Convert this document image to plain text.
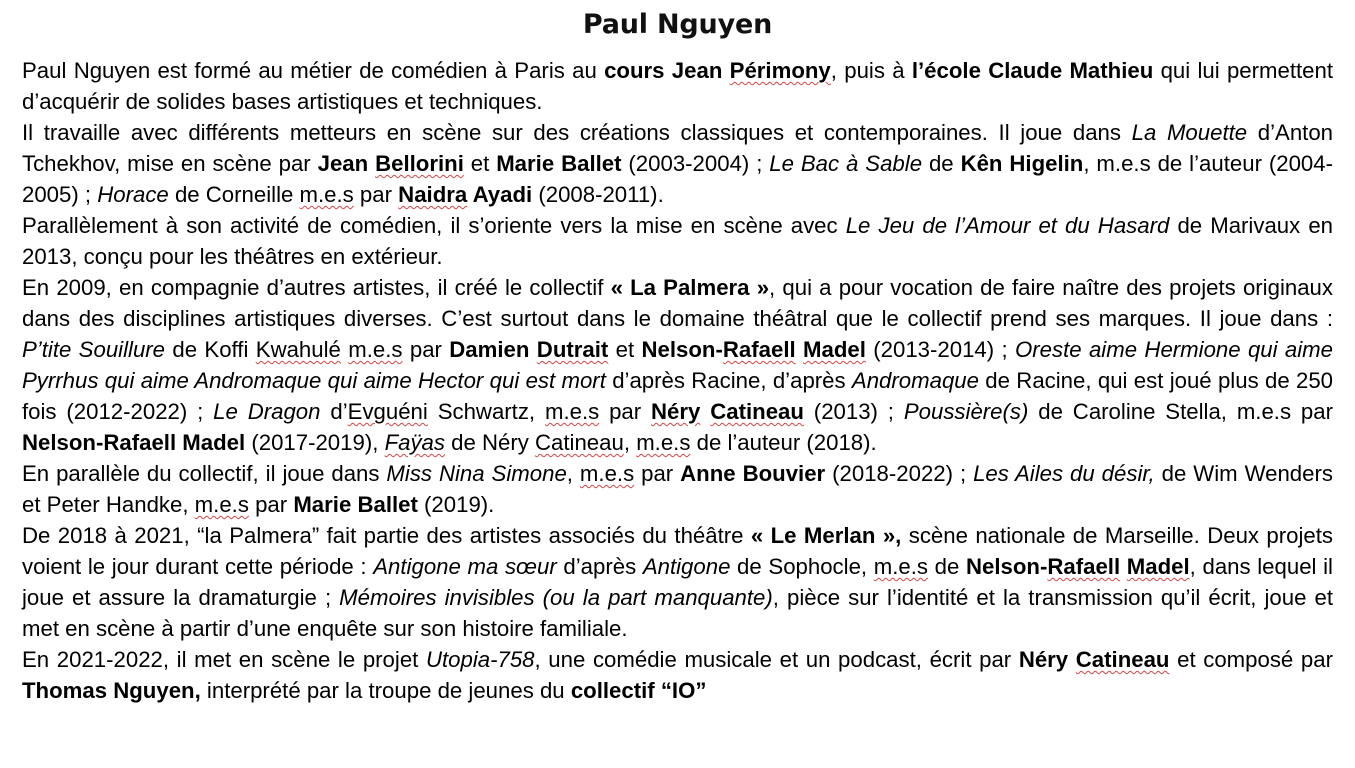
Paul Nguyen

Paul Nguyen est formé au métier de comédien à Paris au cours Jean Périmony, puis à l’école Claude Mathieu qui lui permettent d’acquérir de solides bases artistiques et techniques.

Il travaille avec différents metteurs en scène sur des créations classiques et contemporaines. Il joue dans La Mouette d’Anton Tchekhov, mise en scène par Jean Bellorini et Marie Ballet (2003-2004) ; Le Bac à Sable de Kên Higelin, m.e.s de l’auteur (2004-2005) ; Horace de Corneille m.e.s par Naidra Ayadi (2008-2011).

Parallèlement à son activité de comédien, il s’oriente vers la mise en scène avec Le Jeu de l’Amour et du Hasard de Marivaux en 2013, conçu pour les théâtres en extérieur.

En 2009, en compagnie d’autres artistes, il créé le collectif « La Palmera », qui a pour vocation de faire naître des projets originaux dans des disciplines artistiques diverses. C’est surtout dans le domaine théâtral que le collectif prend ses marques. Il joue dans : P’tite Souillure de Koffi Kwahulé m.e.s par Damien Dutrait et Nelson-Rafaell Madel (2013-2014) ; Oreste aime Hermione qui aime Pyrrhus qui aime Andromaque qui aime Hector qui est mort d’après Racine, d’après Andromaque de Racine, qui est joué plus de 250 fois (2012-2022) ; Le Dragon d’Evguéni Schwartz, m.e.s par Néry Catineau (2013) ; Poussière(s) de Caroline Stella, m.e.s par Nelson-Rafaell Madel (2017-2019), Faÿas de Néry Catineau, m.e.s de l’auteur (2018).

En parallèle du collectif, il joue dans Miss Nina Simone, m.e.s par Anne Bouvier (2018-2022) ; Les Ailes du désir, de Wim Wenders et Peter Handke, m.e.s par Marie Ballet (2019).

De 2018 à 2021, “la Palmera” fait partie des artistes associés du théâtre « Le Merlan », scène nationale de Marseille. Deux projets voient le jour durant cette période : Antigone ma sœur d’après Antigone de Sophocle, m.e.s de Nelson-Rafaell Madel, dans lequel il joue et assure la dramaturgie ; Mémoires invisibles (ou la part manquante), pièce sur l’identité et la transmission qu’il écrit, joue et met en scène à partir d’une enquête sur son histoire familiale.

En 2021-2022, il met en scène le projet Utopia-758, une comédie musicale et un podcast, écrit par Néry Catineau et composé par Thomas Nguyen, interprété par la troupe de jeunes du collectif “IO”
